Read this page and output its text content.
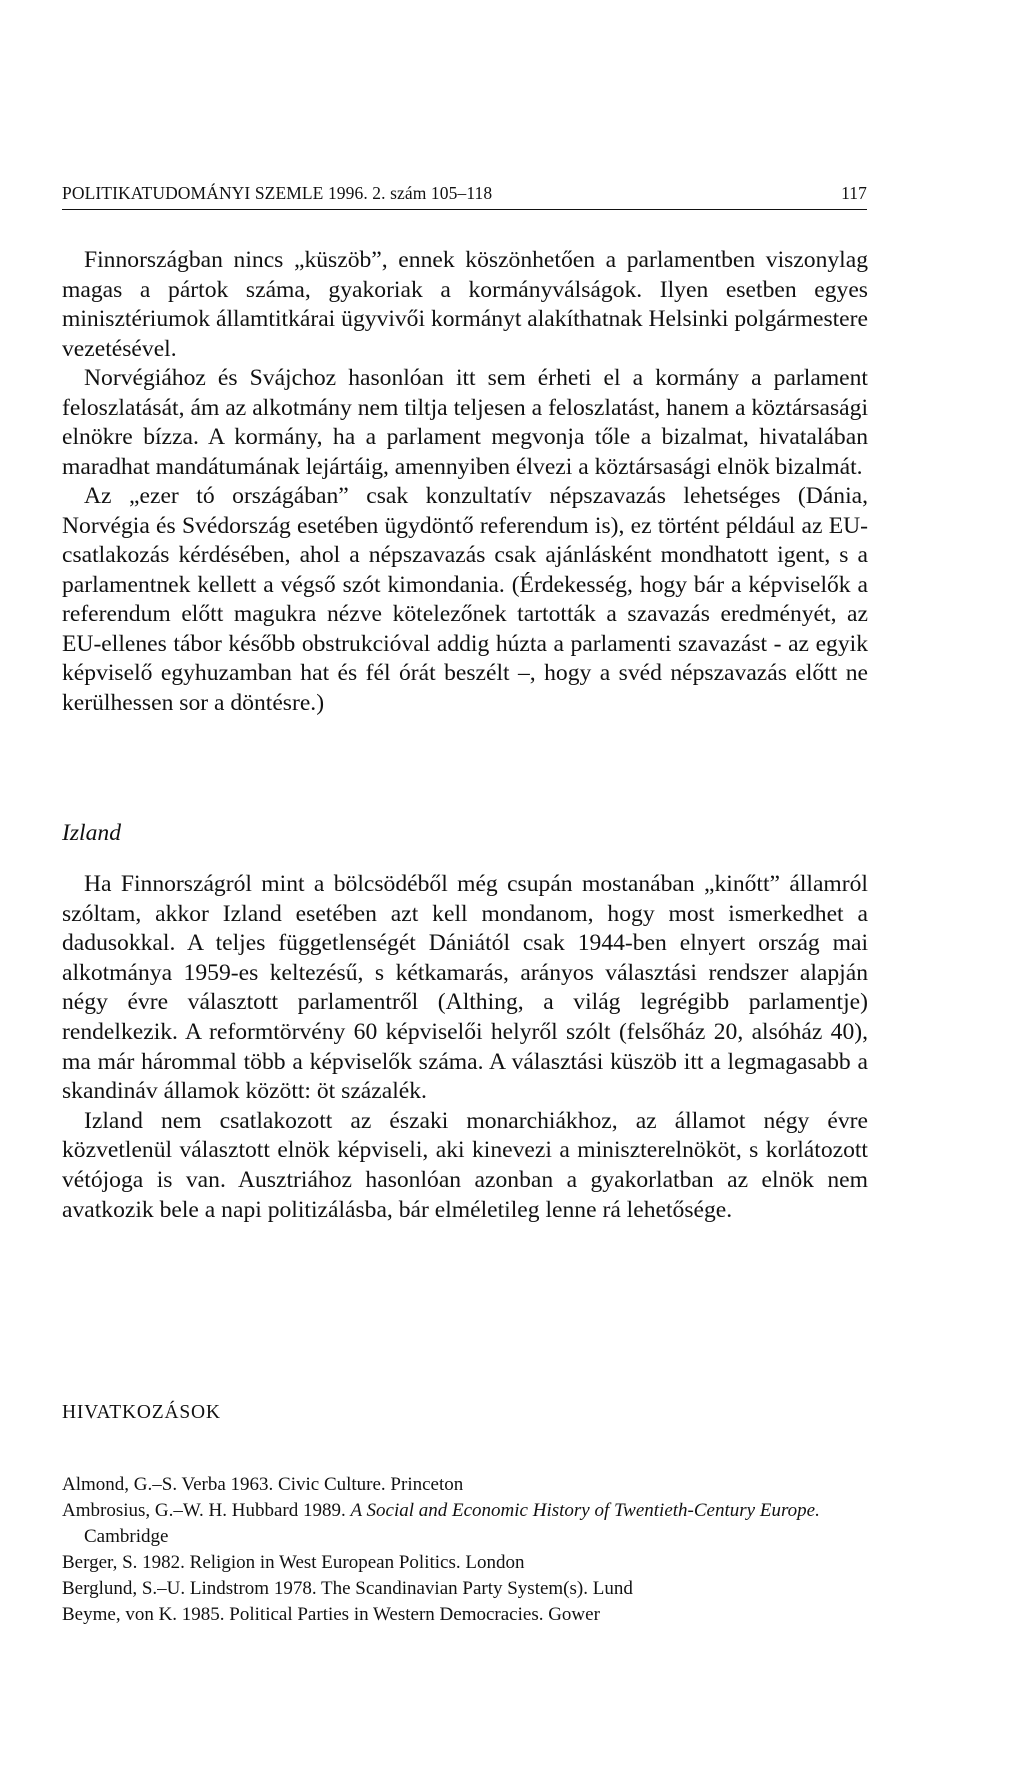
POLITIKATUDOMÁNYI SZEMLE 1996. 2. szám 105–118	117

Finnországban nincs „küszöb”, ennek köszönhetően a parlamentben viszonylag magas a pártok száma, gyakoriak a kormányválságok. Ilyen esetben egyes minisztériumok államtitkárai ügyvivői kormányt alakíthatnak Helsinki polgármestere vezetésével.

Norvégiához és Svájchoz hasonlóan itt sem érheti el a kormány a parlament feloszlatását, ám az alkotmány nem tiltja teljesen a feloszlatást, hanem a köztársasági elnökre bízza. A kormány, ha a parlament megvonja tőle a bizalmat, hivatalában maradhat mandátumának lejártáig, amennyiben élvezi a köztársasági elnök bizalmát.

Az „ezer tó országában” csak konzultatív népszavazás lehetséges (Dánia, Norvégia és Svédország esetében ügydöntő referendum is), ez történt például az EU-csatlakozás kérdésében, ahol a népszavazás csak ajánlásként mondhatott igent, s a parlamentnek kellett a végső szót kimondania. (Érdekesség, hogy bár a képviselők a referendum előtt magukra nézve kötelezőnek tartották a szavazás eredményét, az EU-ellenes tábor később obstrukcióval addig húzta a parlamenti szavazást - az egyik képviselő egyhuzamban hat és fél órát beszélt –, hogy a svéd népszavazás előtt ne kerülhessen sor a döntésre.)

Izland

Ha Finnországról mint a bölcsödéből még csupán mostanában „kinőtt” államról szóltam, akkor Izland esetében azt kell mondanom, hogy most ismerkedhet a dadusokkal. A teljes függetlenségét Dániától csak 1944-ben elnyert ország mai alkotmánya 1959-es keltezésű, s kétkamarás, arányos választási rendszer alapján négy évre választott parlamentről (Althing, a világ legrégibb parlamentje) rendelkezik. A reformtörvény 60 képviselői helyről szólt (felsőház 20, alsóház 40), ma már hárommal több a képviselők száma. A választási küszöb itt a legmagasabb a skandináv államok között: öt százalék.

Izland nem csatlakozott az északi monarchiákhoz, az államot négy évre közvetlenül választott elnök képviseli, aki kinevezi a miniszterelnököt, s korlátozott vétójoga is van. Ausztriához hasonlóan azonban a gyakorlatban az elnök nem avatkozik bele a napi politizálásba, bár elméletileg lenne rá lehetősége.

HIVATKOZÁSOK
Almond, G.–S. Verba 1963. Civic Culture. Princeton
Ambrosius, G.–W. H. Hubbard 1989. A Social and Economic History of Twentieth-Century Europe. Cambridge
Berger, S. 1982. Religion in West European Politics. London
Berglund, S.–U. Lindstrom 1978. The Scandinavian Party System(s). Lund
Beyme, von K. 1985. Political Parties in Western Democracies. Gower
